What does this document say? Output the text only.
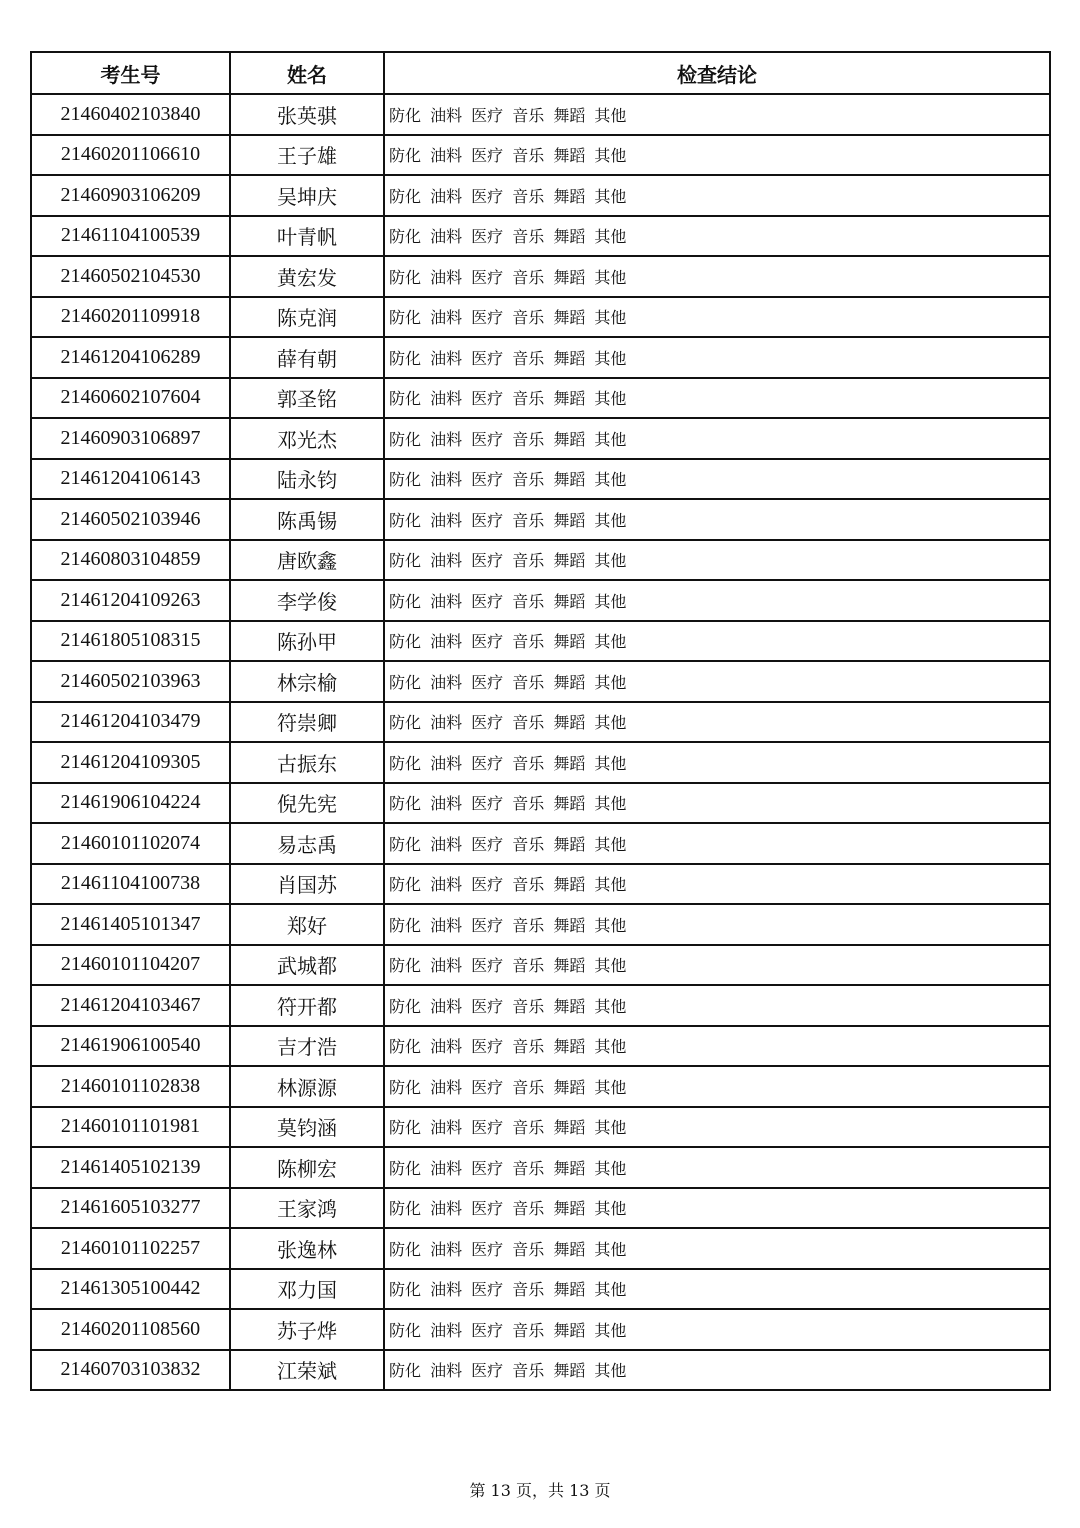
考生号	姓名	检查结论
21460402103840	张英骐	防化 油料 医疗 音乐 舞蹈 其他
21460201106610	王子雄	防化 油料 医疗 音乐 舞蹈 其他
21460903106209	吴坤庆	防化 油料 医疗 音乐 舞蹈 其他
21461104100539	叶青帆	防化 油料 医疗 音乐 舞蹈 其他
21460502104530	黄宏发	防化 油料 医疗 音乐 舞蹈 其他
21460201109918	陈克润	防化 油料 医疗 音乐 舞蹈 其他
21461204106289	薛有朝	防化 油料 医疗 音乐 舞蹈 其他
21460602107604	郭圣铭	防化 油料 医疗 音乐 舞蹈 其他
21460903106897	邓光杰	防化 油料 医疗 音乐 舞蹈 其他
21461204106143	陆永钧	防化 油料 医疗 音乐 舞蹈 其他
21460502103946	陈禹锡	防化 油料 医疗 音乐 舞蹈 其他
21460803104859	唐欧鑫	防化 油料 医疗 音乐 舞蹈 其他
21461204109263	李学俊	防化 油料 医疗 音乐 舞蹈 其他
21461805108315	陈孙甲	防化 油料 医疗 音乐 舞蹈 其他
21460502103963	林宗榆	防化 油料 医疗 音乐 舞蹈 其他
21461204103479	符崇卿	防化 油料 医疗 音乐 舞蹈 其他
21461204109305	古振东	防化 油料 医疗 音乐 舞蹈 其他
21461906104224	倪先宪	防化 油料 医疗 音乐 舞蹈 其他
21460101102074	易志禹	防化 油料 医疗 音乐 舞蹈 其他
21461104100738	肖国苏	防化 油料 医疗 音乐 舞蹈 其他
21461405101347	郑好	防化 油料 医疗 音乐 舞蹈 其他
21460101104207	武城都	防化 油料 医疗 音乐 舞蹈 其他
21461204103467	符开都	防化 油料 医疗 音乐 舞蹈 其他
21461906100540	吉才浩	防化 油料 医疗 音乐 舞蹈 其他
21460101102838	林源源	防化 油料 医疗 音乐 舞蹈 其他
21460101101981	莫钧涵	防化 油料 医疗 音乐 舞蹈 其他
21461405102139	陈柳宏	防化 油料 医疗 音乐 舞蹈 其他
21461605103277	王家鸿	防化 油料 医疗 音乐 舞蹈 其他
21460101102257	张逸林	防化 油料 医疗 音乐 舞蹈 其他
21461305100442	邓力国	防化 油料 医疗 音乐 舞蹈 其他
21460201108560	苏子烨	防化 油料 医疗 音乐 舞蹈 其他
21460703103832	江荣斌	防化 油料 医疗 音乐 舞蹈 其他
第 13 页，共 13 页
